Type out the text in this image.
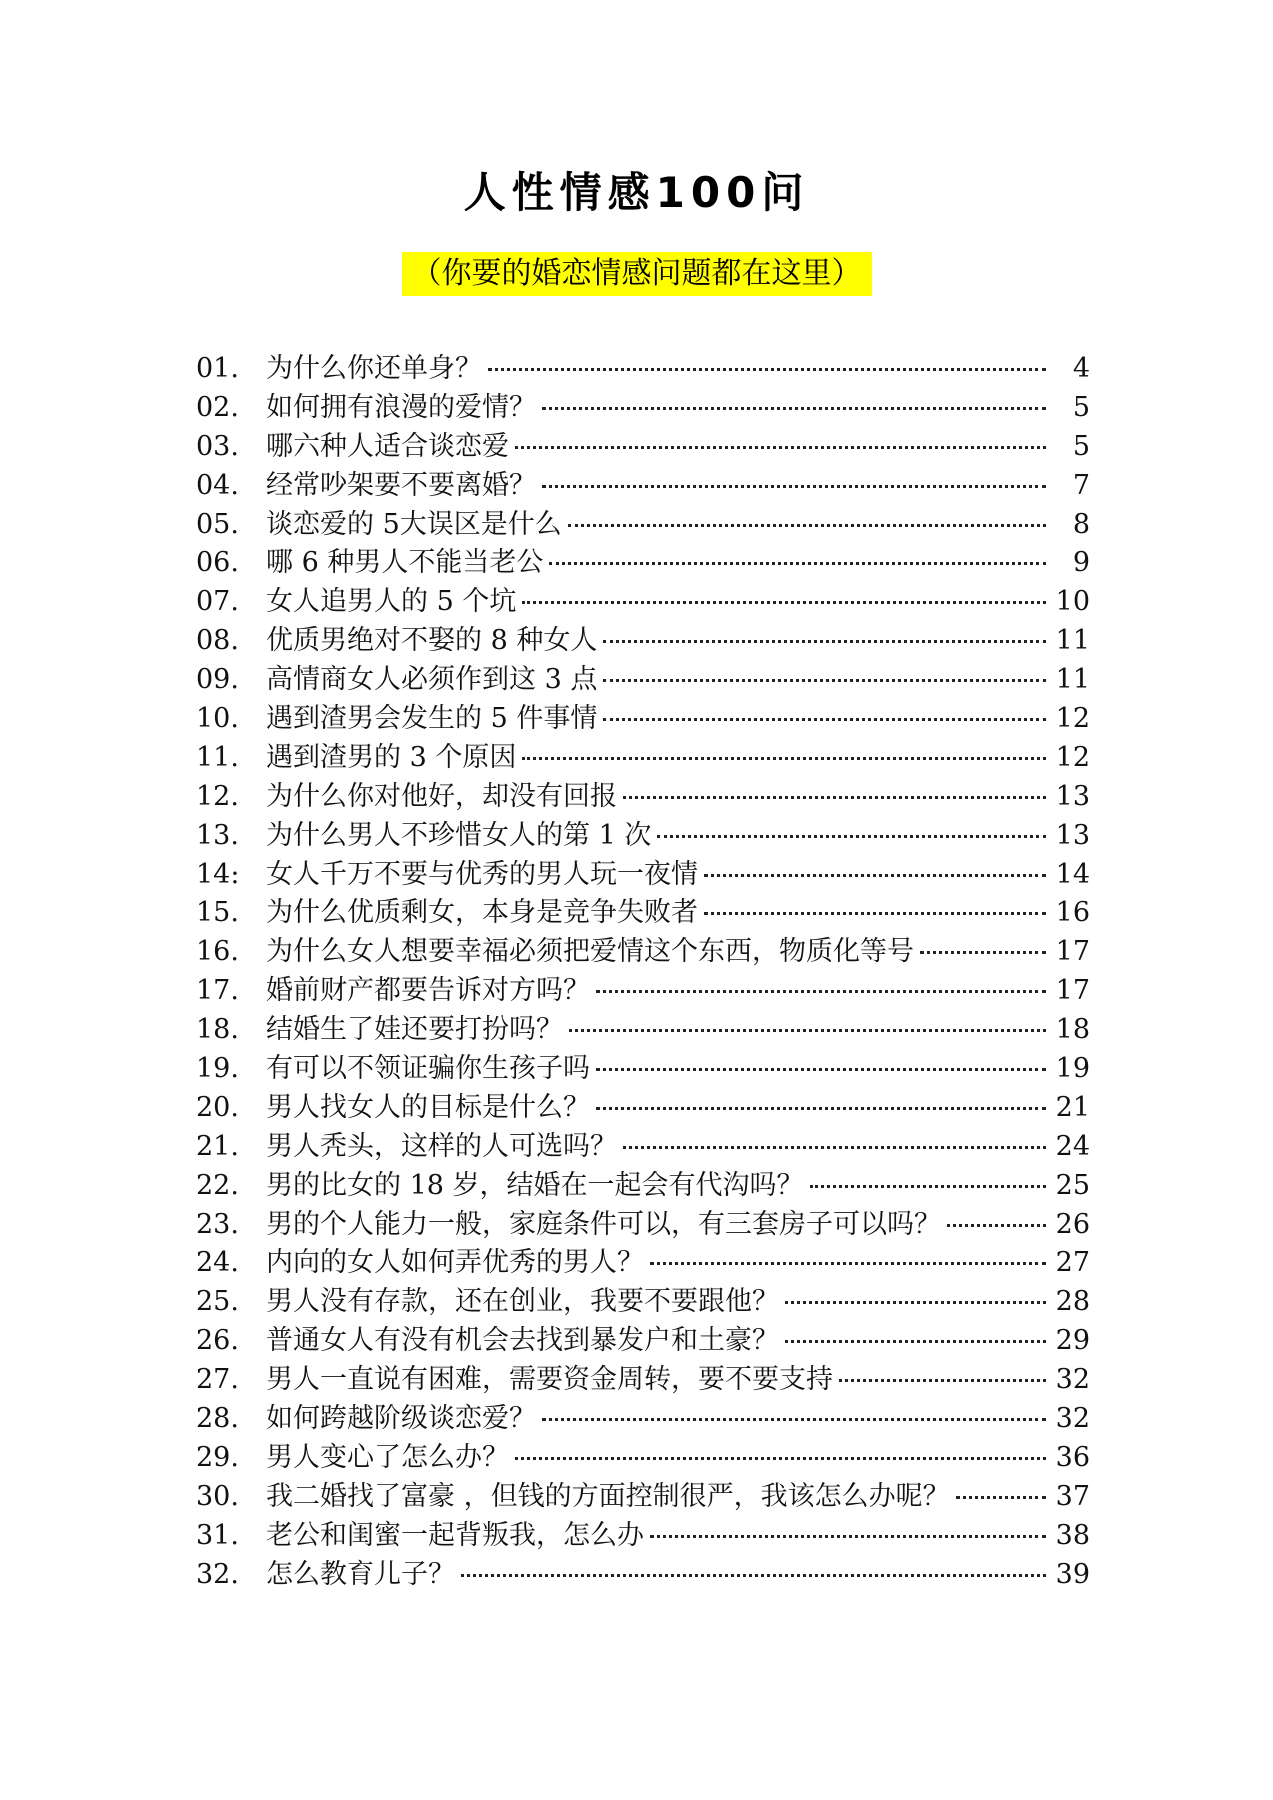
人性情感100问
（你要的婚恋情感问题都在这里）
01.	为什么你还单身？	4
02.	如何拥有浪漫的爱情？	5
03.	哪六种人适合谈恋爱	5
04.	经常吵架要不要离婚？	7
05.	谈恋爱的 5大误区是什么	8
06.	哪 6 种男人不能当老公	9
07.	女人追男人的 5 个坑	10
08.	优质男绝对不娶的 8 种女人	11
09.	高情商女人必须作到这 3 点	11
10.	遇到渣男会发生的 5 件事情	12
11.	遇到渣男的 3 个原因	12
12.	为什么你对他好，却没有回报	13
13.	为什么男人不珍惜女人的第 1 次	13
14: 女人千万不要与优秀的男人玩一夜情	14
15.	为什么优质剩女，本身是竞争失败者	16
16.	为什么女人想要幸福必须把爱情这个东西，物质化等号	17
17.	婚前财产都要告诉对方吗？	17
18.	结婚生了娃还要打扮吗？	18
19.	有可以不领证骗你生孩子吗	19
20.	男人找女人的目标是什么？	21
21.	男人秃头，这样的人可选吗？	24
22.	男的比女的 18 岁，结婚在一起会有代沟吗？	25
23.	男的个人能力一般，家庭条件可以，有三套房子可以吗？	26
24.	内向的女人如何弄优秀的男人？	27
25.	男人没有存款，还在创业，我要不要跟他？	28
26.	普通女人有没有机会去找到暴发户和土豪？	29
27.	男人一直说有困难，需要资金周转，要不要支持	32
28.	如何跨越阶级谈恋爱？	32
29.	男人变心了怎么办？	36
30.	我二婚找了富豪 ，但钱的方面控制很严，我该怎么办呢？	37
31.	老公和闺蜜一起背叛我，怎么办	38
32.	怎么教育儿子？	39
